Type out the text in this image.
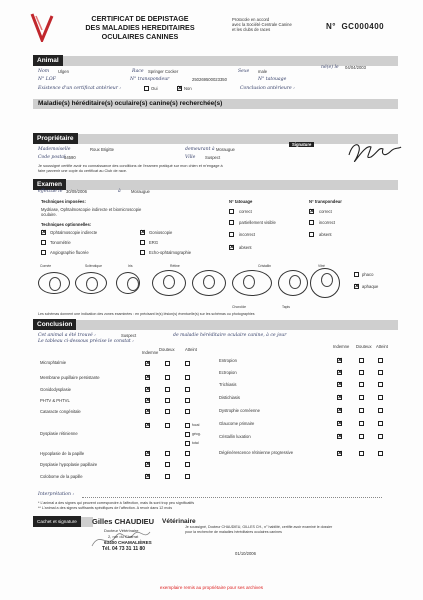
CERTIFICAT DE DEPISTAGE
DES MALADIES HEREDITAIRES
OCULAIRES CANINES
Protocole en accord
avec la Société Centrale Canine
et les clubs de races	N° GC000400
Animal
Nom Ulgen	Race Springer Cocker	Sexe male
né(e) le 04/04/2003
N° LOF	N° transpondeur	250269500023350	N° tatouage
Existence d'un certificat antérieur :	Oui
×	Non	Conclusion antérieure :
Maladie(s) héréditaire(s) oculaire(s) canine(s) recherchée(s)
Propriétaire
Mademoiselle	Roux Brigitte	demeurant à Moraugue
Signature
Code postal
34590	Ville Suspect
Je soussigné certifie avoir eu connaissance des conditions de l'examen pratiqué sur mon chien et m'engage à
faire parvenir une copie du certificat au Club de race.
Examen
effectué le 30/09/2006	à Moraugue
Techniques imposées:
Mydriase, Ophtalmoscopie indirecte et biomicroscopie
oculaire.
Techniques optionnelles:
×
Ophtalmoscopie indirecte
Tonométrie
Angiographie fluorée
×
Gonioscopie
ERG
Echo-ophtalmographie
N° tatouage
correct
partiellement visible
incorrect
×
absent
N° transpondeur
×
correct
incorrect
absent
Cornée	Sclérotique	Iris	Rétine	Cristallin	Vitré
Choroïde	Tapis
phaco
×
aphaque
Les schémas donnent une indication des zones examinées : en précisant le(s) lésion(s) éventuelle(s) sur les schémas ou photographies
Conclusion
Cet animal a été trouvé :	Suspect	de maladie héréditaire oculaire canine, à ce jour
Le tableau ci-dessous précise le constat :
Indemne
Douteux Atteint
Indemne Douteux Atteint
Microphtalmie
Membrane pupillaire persistante
Gonidodysplasie
PHTV & PHTVL
Cataracte congénitale
Dysplasie rétinienne
Hypoplasie de la papille
Dysplasie hypoplasie papillaire
Colobome de la papille
×
×
×
×
×
×
focal
géog.
total
×
×
×
Entropion
Ectropion
Trichiasis
Distichiasis
Dystrophie cornéenne
Glaucome primaire
Cristallin luxation
Dégénérescence rétinienne progressive
×
×
×
×
×
×
×
×
Interprétation :
* L'animal a des signes qui peuvent correspondre à l'affection, mais ils sont trop peu significatifs
** L'animal a des signes suffisants spécifiques de l'affection. A revoir dans 12 mois
Cachet et signature	Gilles CHAUDIEU Vétérinaire
Docteur Vétérinaire
2, rue du Charrat
63400 CHAMALIÈRES
Tél. 04 73 31 11 80
Je soussigné, Docteur CHAUDIEU, GILLES CH., n° habilité, certifie avoir examiné le dossier
pour la recherche de maladies héréditaires oculaires canines
01/10/2006
exemplaire remis au propriétaire pour ses archives
